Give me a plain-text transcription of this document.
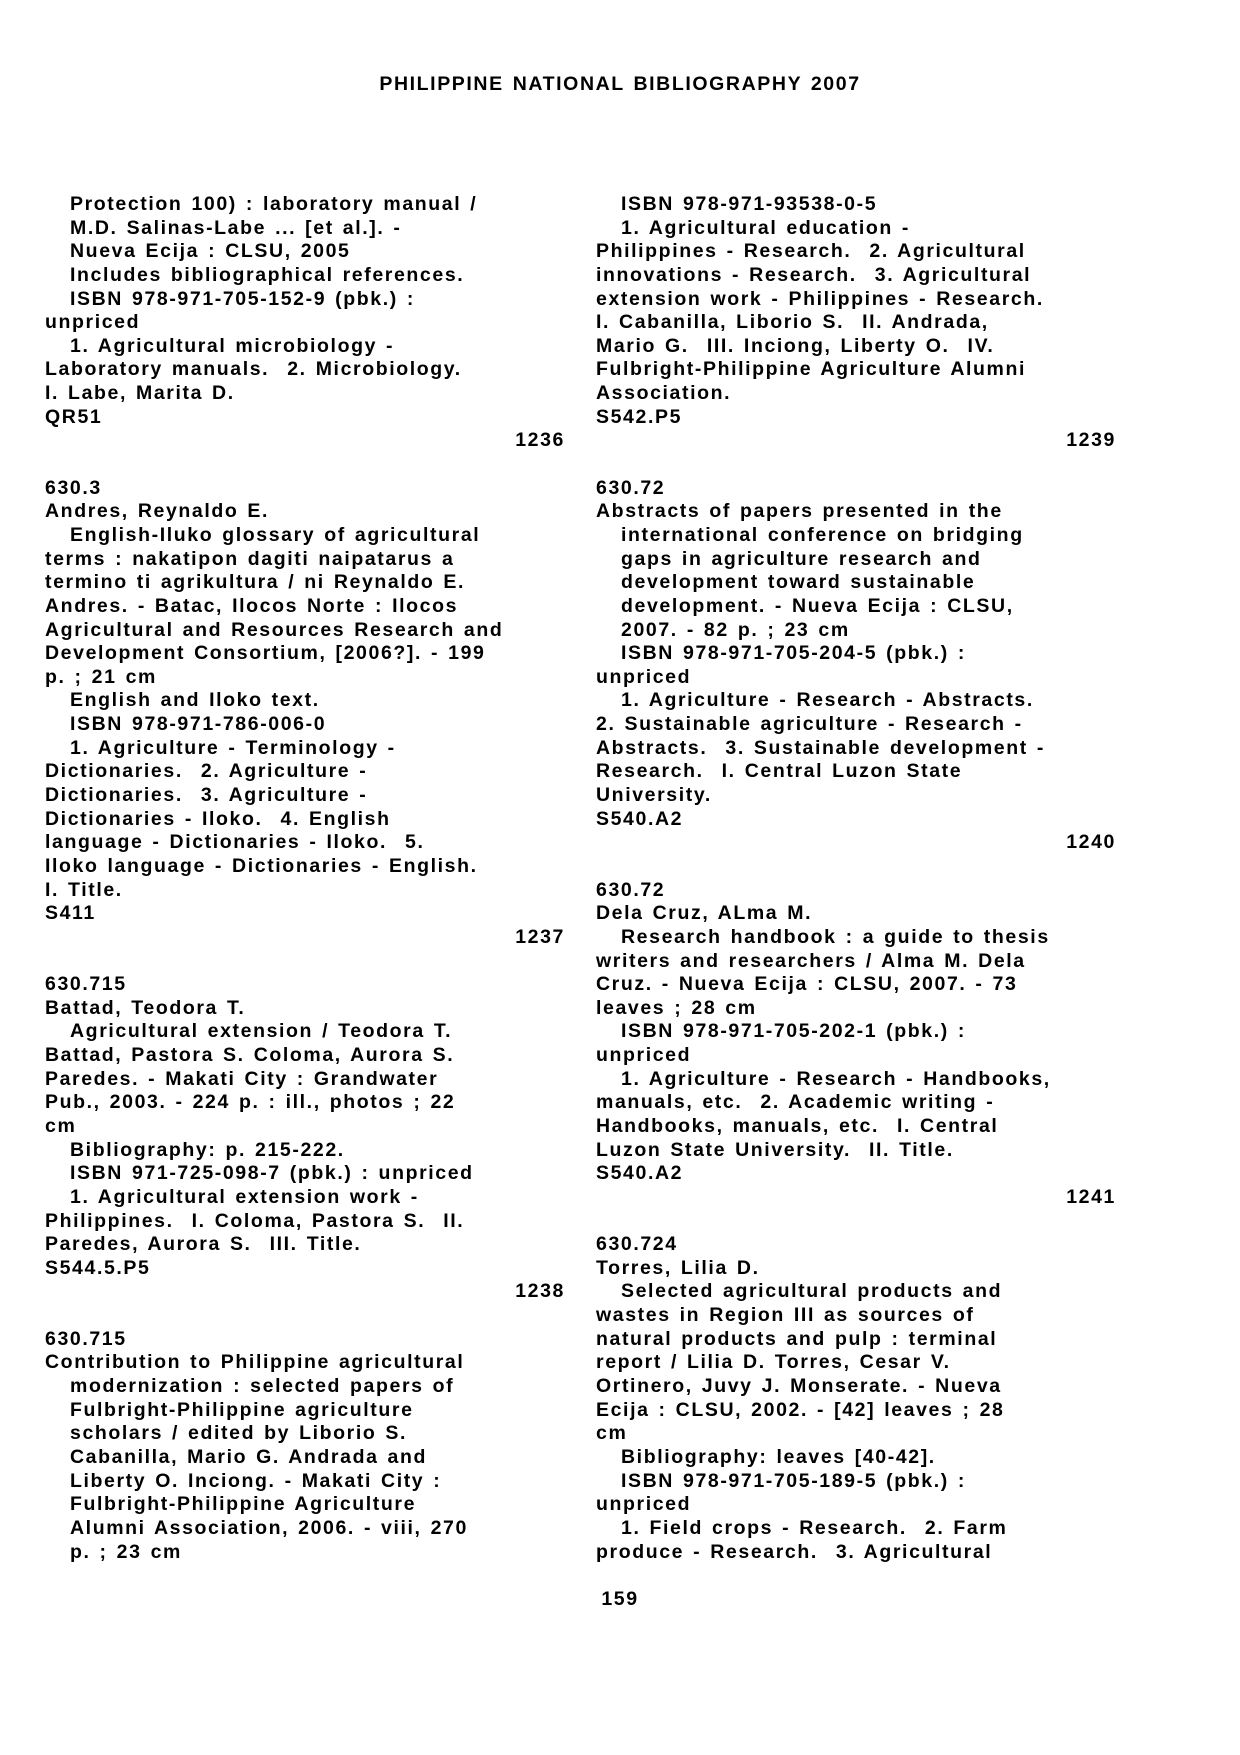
PHILIPPINE NATIONAL BIBLIOGRAPHY 2007
Protection 100) : laboratory manual /
M.D. Salinas-Labe ... [et al.]. -
Nueva Ecija : CLSU, 2005
Includes bibliographical references.
ISBN 978-971-705-152-9 (pbk.) :
unpriced
1. Agricultural microbiology -
Laboratory manuals.  2. Microbiology.
I. Labe, Marita D.
QR51
1236
630.3
Andres, Reynaldo E.
English-Iluko glossary of agricultural
terms : nakatipon dagiti naipatarus a
termino ti agrikultura / ni Reynaldo E.
Andres. - Batac, Ilocos Norte : Ilocos
Agricultural and Resources Research and
Development Consortium, [2006?]. - 199
p. ; 21 cm
English and Iloko text.
ISBN 978-971-786-006-0
1. Agriculture - Terminology -
Dictionaries.  2. Agriculture -
Dictionaries.  3. Agriculture -
Dictionaries - Iloko.  4. English
language - Dictionaries - Iloko.  5.
Iloko language - Dictionaries - English.
I. Title.
S411
1237
630.715
Battad, Teodora T.
Agricultural extension / Teodora T.
Battad, Pastora S. Coloma, Aurora S.
Paredes. - Makati City : Grandwater
Pub., 2003. - 224 p. : ill., photos ; 22
cm
Bibliography: p. 215-222.
ISBN 971-725-098-7 (pbk.) : unpriced
1. Agricultural extension work -
Philippines.  I. Coloma, Pastora S.  II.
Paredes, Aurora S.  III. Title.
S544.5.P5
1238
630.715
Contribution to Philippine agricultural
modernization : selected papers of
Fulbright-Philippine agriculture
scholars / edited by Liborio S.
Cabanilla, Mario G. Andrada and
Liberty O. Inciong. - Makati City :
Fulbright-Philippine Agriculture
Alumni Association, 2006. - viii, 270
p. ; 23 cm
ISBN 978-971-93538-0-5
1. Agricultural education -
Philippines - Research.  2. Agricultural
innovations - Research.  3. Agricultural
extension work - Philippines - Research.
I. Cabanilla, Liborio S.  II. Andrada,
Mario G.  III. Inciong, Liberty O.  IV.
Fulbright-Philippine Agriculture Alumni
Association.
S542.P5
1239
630.72
Abstracts of papers presented in the
international conference on bridging
gaps in agriculture research and
development toward sustainable
development. - Nueva Ecija : CLSU,
2007. - 82 p. ; 23 cm
ISBN 978-971-705-204-5 (pbk.) :
unpriced
1. Agriculture - Research - Abstracts.
2. Sustainable agriculture - Research -
Abstracts.  3. Sustainable development -
Research.  I. Central Luzon State
University.
S540.A2
1240
630.72
Dela Cruz, ALma M.
Research handbook : a guide to thesis
writers and researchers / Alma M. Dela
Cruz. - Nueva Ecija : CLSU, 2007. - 73
leaves ; 28 cm
ISBN 978-971-705-202-1 (pbk.) :
unpriced
1. Agriculture - Research - Handbooks,
manuals, etc.  2. Academic writing -
Handbooks, manuals, etc.  I. Central
Luzon State University.  II. Title.
S540.A2
1241
630.724
Torres, Lilia D.
Selected agricultural products and
wastes in Region III as sources of
natural products and pulp : terminal
report / Lilia D. Torres, Cesar V.
Ortinero, Juvy J. Monserate. - Nueva
Ecija : CLSU, 2002. - [42] leaves ; 28
cm
Bibliography: leaves [40-42].
ISBN 978-971-705-189-5 (pbk.) :
unpriced
1. Field crops - Research.  2. Farm
produce - Research.  3. Agricultural
159
